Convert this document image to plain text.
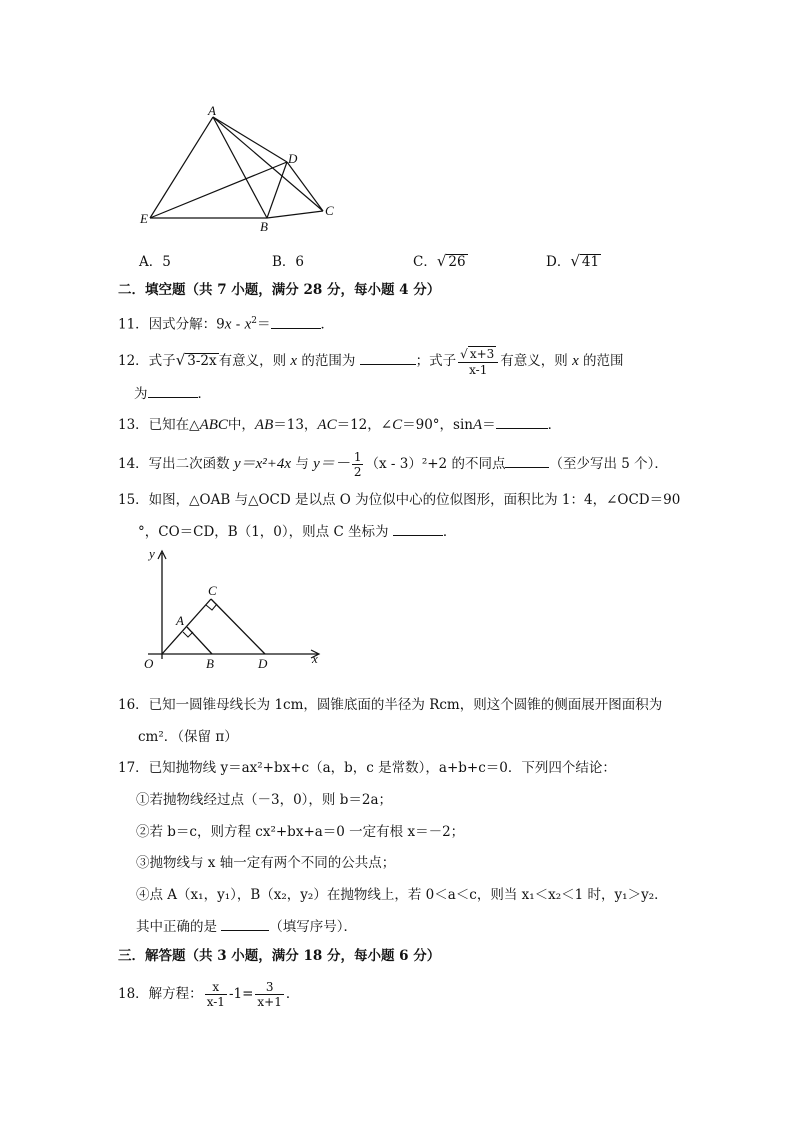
A
D
E
B
C
A．5	B．6	C．√ 26	D．√ 41
二．填空题（共 7 小题，满分 28 分，每小题 4 分）
11．因式分解：$9x - x^2=$	．
12．式子√ 3-2x 有意义，则 x 的范围为	；式子 $\frac{√ x+3}{x-1}$ 有意义，则 x 的范围
为	．
13．已知在△ABC中，AB＝13，AC＝12，∠C＝90°，sinA＝	．
14．写出二次函数 y＝x²+4x 与 $y=- \frac{1}{2} (x - 3)^2+2$ 的不同点	（至少写出 5 个）．
15．如图，△OAB 与△OCD 是以点 O 为位似中心的位似图形，面积比为 1：4，∠OCD＝90
°，CO＝CD，B（1，0），则点 C 坐标为	．
y
x
O
A
B
C
D
16．已知一圆锥母线长为 1cm，圆锥底面的半径为 Rcm，则这个圆锥的侧面展开图面积为
cm²．（保留 π）
17．已知抛物线 y＝ax²+bx+c（a，b，c 是常数），a+b+c＝0．下列四个结论：
①若抛物线经过点（－3，0），则 b＝2a；
②若 b＝c，则方程 cx²+bx+a＝0 一定有根 x＝－2；
③抛物线与 x 轴一定有两个不同的公共点；
④点 A（x₁，y₁），B（x₂，y₂）在抛物线上，若 0＜a＜c，则当 x₁＜x₂＜1 时，y₁＞y₂．
其中正确的是	（填写序号）．
三．解答题（共 3 小题，满分 18 分，每小题 6 分）
18．解方程： $\frac{x}{x-1} -1= \frac{3}{x+1}$ ．
